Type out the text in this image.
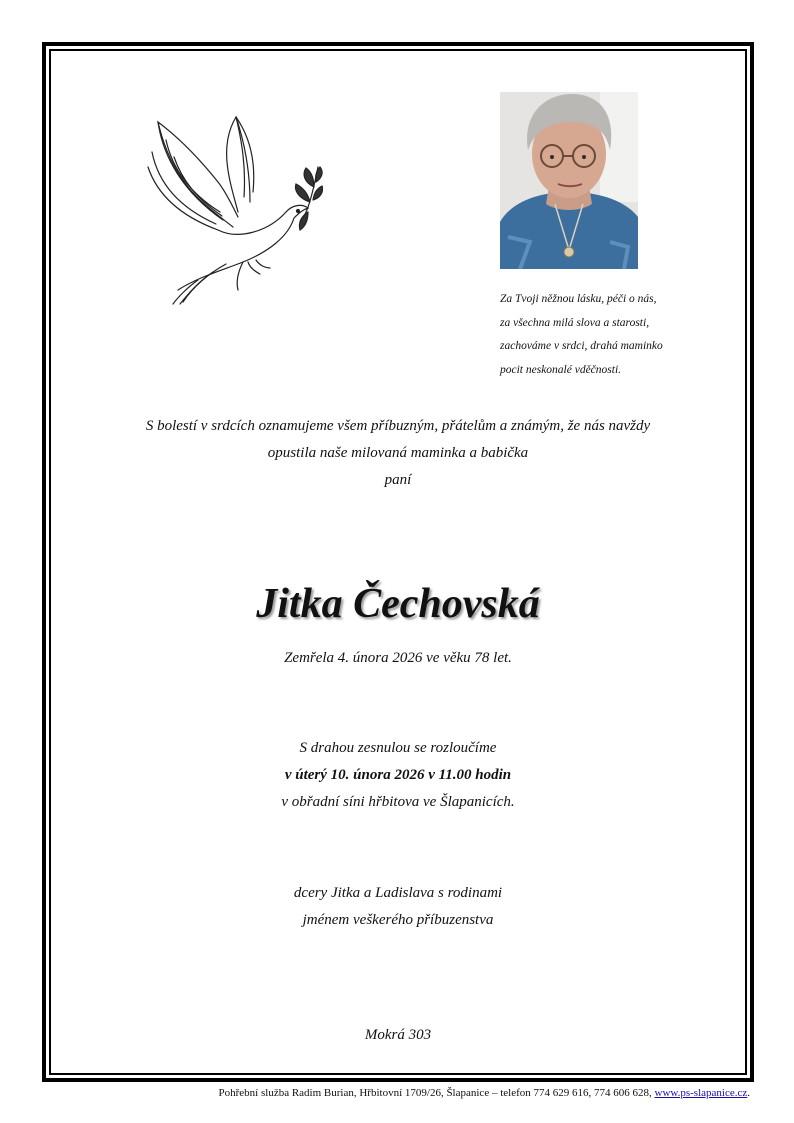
Za Tvoji něžnou lásku, péči o nás,
za všechna milá slova a starosti,
zachováme v srdci, drahá maminko
pocit neskonalé vděčnosti.
S bolestí v srdcích oznamujeme všem příbuzným, přátelům a známým, že nás navždy
opustila naše milovaná maminka a babička
paní
Jitka Čechovská
Zemřela 4. února 2026 ve věku 78 let.
S drahou zesnulou se rozloučíme
v úterý 10. února 2026 v 11.00 hodin
v obřadní síni hřbitova ve Šlapanicích.
dcery Jitka a Ladislava s rodinami
jménem veškerého příbuzenstva
Mokrá 303
Pohřební služba Radim Burian, Hřbitovní 1709/26, Šlapanice – telefon 774 629 616, 774 606 628, www.ps-slapanice.cz.
